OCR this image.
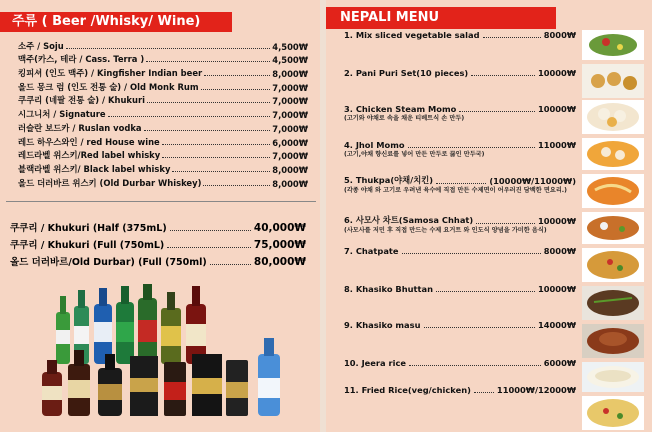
주류 ( Beer /Whisky/ Wine)
소주 / Soju	4,500₩
맥주(카스, 테라 / Cass. Terra )	4,500₩
킹피셔 (인도 맥주) / Kingfisher Indian beer	8,000₩
올드 몽크 럼 (인도 전통 술) / Old Monk Rum	7,000₩
쿠쿠리 (네팔 전통 술) / Khukuri	7,000₩
시그니처 / Signature	7,000₩
러슬란 보드카 / Ruslan vodka	7,000₩
레드 하우스와인 / red House wine	6,000₩
레드라벨 위스키/Red label whisky	7,000₩
블랙라벨 위스키/ Black label whisky	8,000₩
올드 더러바르 위스키 (Old Durbar Whiskey)	8,000₩
쿠쿠리 / Khukuri (Half (375mL)	40,000₩
쿠쿠리 / Khukuri (Full (750mL)	75,000₩
올드 더러바르/Old Durbar) (Full (750ml)	80,000₩
NEPALI MENU
1. Mix sliced vegetable salad	8000₩
2. Pani Puri Set(10 pieces)	10000₩
3. Chicken Steam Momo	10000₩
(고기와 야채로 속을 채운 티베트식 손 만두)
4. Jhol Momo	11000₩
(고기,야채 향신료를 넣어 만든 만두로 끓인 만두국)
5. Thukpa(야채/치킨)	(10000₩/11000₩)
(각종 야채 와 고기로 우려낸 육수에 직접 만든 수제면이 어우러진 담백한 면요리.)
6. 사모사 차트(Samosa Chhat)	10000₩
(사모사를 저민 후 직접 만드는 수제 요거트 와 인도식 양념을 가미한 음식)
7. Chatpate	8000₩
8. Khasiko Bhuttan	10000₩
9. Khasiko masu	14000₩
10. Jeera rice	6000₩
11. Fried Rice(veg/chicken)	11000₩/12000₩
